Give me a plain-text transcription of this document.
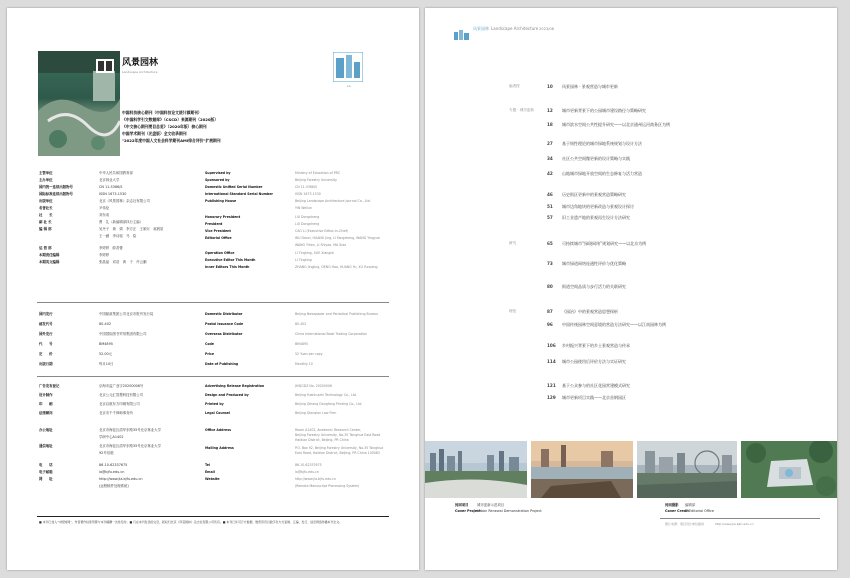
风景园林
Landscape Architecture
LA
中国科技核心期刊（中国科技论文统计源期刊）
《中国科学引文数据库》（CSCD）来源期刊（2020版）
《中文核心期刊要目总览》（2020年版）核心期刊
中国学术期刊（光盘版）全文收录期刊
"2022年度中国人文社会科学期刊AMI综合评价"扩展期刊
主管单位	中华人民共和国教育部
主办单位	北京林业大学
国内统一连续出版物号	CN 11-5366/S
国际标准连续出版物号	ISSN 1673-1530
出版单位	北京《风景园林》杂志社有限公司
名誉社长	尹伟伦
社　　长	刘东成
副 社 长	曹　礼（新编辑部执行主编）
编 辑 部	吴丹子　黄　婧　李方正　王颖月　郝晨星
王一涵　李诗瑶　马　骁
运 营 部	李婷婷　薛香蕾
本期责任编辑	李婷婷
本期英文编辑	张晶晶　邓浩　黄　于　许云鹏
Supervised by	Ministry of Education of PRC
Sponsored by	Beijing Forestry University
Domestic Unified Serial Number	CN 11-5366/S
International Standard Serial Number	ISSN 1673-1530
Publishing House	Beijing Landscape Architecture Journal Co., Ltd.
YIN Weilun
Honorary President	LIU Dongcheng
President	LIU Dongcheng
Vice President	CAO Li (Executive Editor-in-Chief)
Editorial Office	WU Danzi, HUANG Jing, LI Fangzheng, WANG Yingyue
WANG Yihan, LI Shiyao, MA Xiao
Operation Office	LI Tingting, XUE Xianglei
Executive Editor This Month	LI Tingting
Inner Editors This Month	ZHANG Jingjing, DENG Hao, HUANG Yu, XU Yunpeng
国内发行	中国邮政集团公司北京市报刊发行局
邮发代号	80-402
国外发行	中国国际图书贸易集团有限公司
代　　号	BM4895
定　　价	52.00元
出版日期	每月10日
Domestic Distributor	Beijing Newspaper and Periodical Publishing Bureau
Postal Issuance Code	80-402
Overseas Distributor	China International Book Trading Corporation
Code	BM4895
Price	52 Yuan per copy
Date of Publishing	Monthly 10
广告发布登记	京海市监广登字20200006号
设计制作	北京公元汇智慧科技有限公司
印　　刷	北京启航东方印刷有限公司
法律顾问	北京市千千律师事务所
办公地址	北京市海淀区清华东路35号北京林业大学
学研中心A1402
通信地址	北京市海淀区清华东路35号北京林业大学
92号信箱
电　　话	86-10-62337675
电子邮箱	la@bjfu.edu.cn
网　　址	http://www.jla.bjfu.edu.cn
(远程稿件处理系统)
Advertising Release Registration	JHSJGDZ No. 20200006
Design and Produced by	Beijing Yuanhuizhi Technology Co., Ltd.
Printed by	Beijing Qihang Dongfang Printing Co., Ltd.
Legal Counsel	Beijing Qianqian Law Firm
Office Address	Room A1402, Academic Research Center,
Beijing Forestry University, No.35 Tsinghua East Road
Haidian District, Beijing, PR China
Mailing Address	P.O. Box 92, Beijing Forestry University, No.35 Tsinghua
East Road, Haidian District, Beijing, PR China 100083
Tel	86-10-62337675
Email	la@bjfu.edu.cn
Website	http://www.jla.bjfu.edu.cn
(Remote Manuscript Processing System)
■ 本刊已加入“中国知网”，作者著作权使用费与本刊稿酬一次性给付。■ 凡在本刊发表的文章，版权归北京《风景园林》杂志社有限公司所有。■ 本刊已许可万方数据、维普资讯以数字化方式复制、汇编、发行、信息网络传播本刊全文。
风景园林 Landscape Architecture 2023/08
编者按	10 风景园林 · 景观营造与城市更新
专题 · 城市更新	12 城市更新背景下的公园城市建设路径与策略研究
18 城市滨水空间公共性提升研究——以北京通州运河商务区为例
27 基于韧性理论的城市绿地系统规划与设计方法
34 社区公共空间微更新的设计策略与实践
42 山地城市绿地开放空间的生态修复与活力营造
46 历史街区更新中的景观营造策略研究
51 城市边角地块的更新改造与景观设计探讨
57 旧工业遗产地的景观再生设计方法研究
研究	65 可持续城市“绿斑网络”规划研究——以北京为例
73 城市绿道网络连通性评价与优化策略
80 街道空间品质与步行活力的关联研究
理论	87 《园冶》中的景观营造思想探析
96 中国传统园林空间意境的营造方法研究——以江南园林为例
106 乡村振兴背景下的乡土景观营造与传承
114 城市公园使用后评价方法与实证研究
121 基于公众参与的社区花园营建模式研究
129 城市更新项目实践——北京首钢园区
封面项目 城市更新示范项目
Cover Project
Urban Renewal Demonstration Project
封面摄影 编辑部
Cover Credit Editorial Office
图片来源：项目设计单位提供	http://www.jla.bjfu.edu.cn
